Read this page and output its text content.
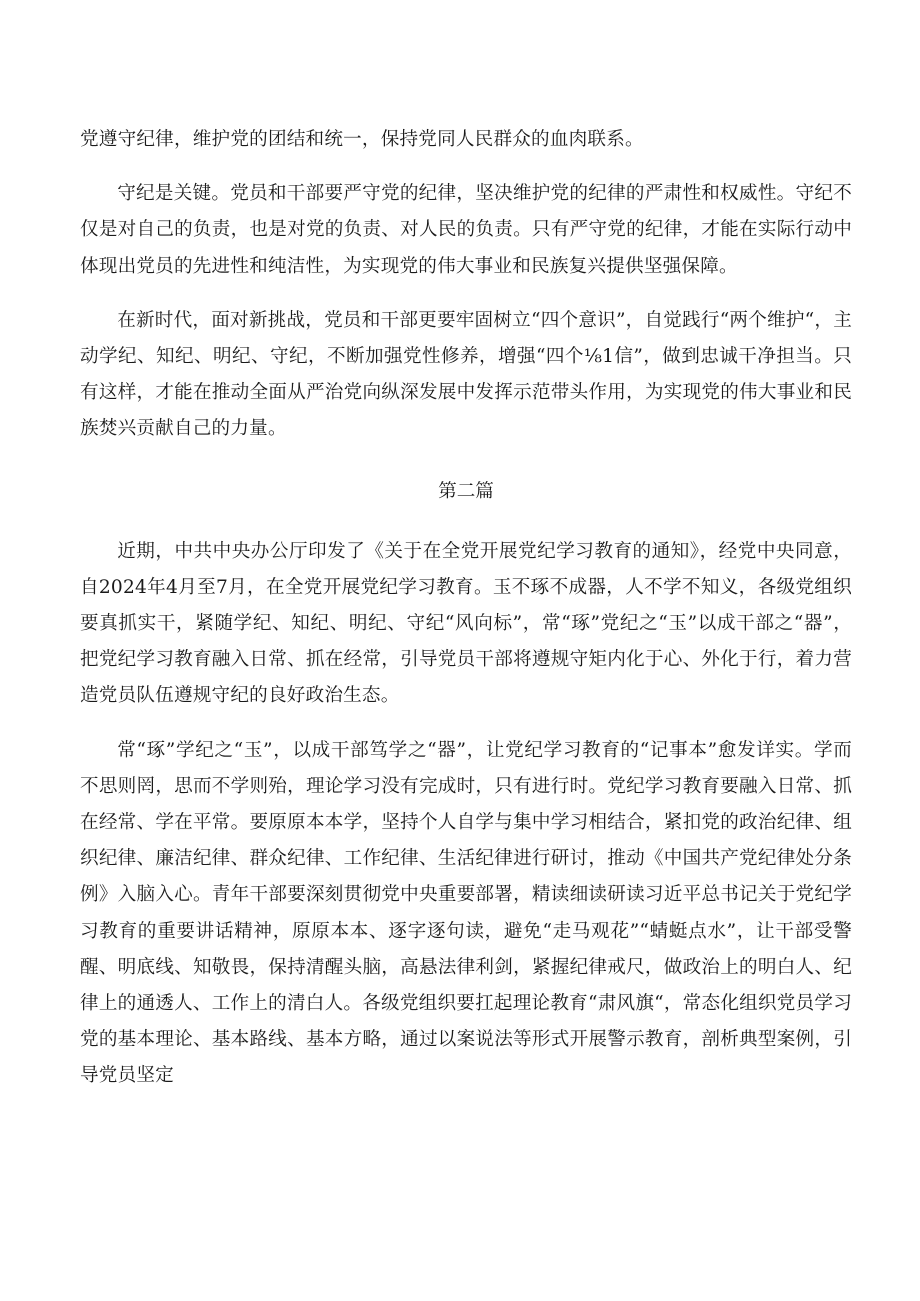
党遵守纪律，维护党的团结和统一，保持党同人民群众的血肉联系。

守纪是关键。党员和干部要严守党的纪律，坚决维护党的纪律的严肃性和权威性。守纪不仅是对自己的负责，也是对党的负责、对人民的负责。只有严守党的纪律，才能在实际行动中体现出党员的先进性和纯洁性，为实现党的伟大事业和民族复兴提供坚强保障。

在新时代，面对新挑战，党员和干部更要牢固树立“四个意识”，自觉践行“两个维护“，主动学纪、知纪、明纪、守纪，不断加强党性修养，增强“四个⅛1信”，做到忠诚干净担当。只有这样，才能在推动全面从严治党向纵深发展中发挥示范带头作用，为实现党的伟大事业和民族焚兴贡献自己的力量。

第二篇

近期，中共中央办公厅印发了《关于在全党开展党纪学习教育的通知》，经党中央同意，自2024年4月至7月，在全党开展党纪学习教育。玉不琢不成器，人不学不知义，各级党组织要真抓实干，紧随学纪、知纪、明纪、守纪“风向标”，常“琢”党纪之“玉”以成干部之“器”，把党纪学习教育融入日常、抓在经常，引导党员干部将遵规守矩内化于心、外化于行，着力营造党员队伍遵规守纪的良好政治生态。

常“琢”学纪之“玉”，以成干部笃学之“器”，让党纪学习教育的“记事本”愈发详实。学而不思则罔，思而不学则殆，理论学习没有完成时，只有进行时。党纪学习教育要融入日常、抓在经常、学在平常。要原原本本学，坚持个人自学与集中学习相结合，紧扣党的政治纪律、组织纪律、廉洁纪律、群众纪律、工作纪律、生活纪律进行研讨，推动《中国共产党纪律处分条例》入脑入心。青年干部要深刻贯彻党中央重要部署，精读细读研读习近平总书记关于党纪学习教育的重要讲话精神，原原本本、逐字逐句读，避免“走马观花”“蜻蜓点水”，让干部受警醒、明底线、知敬畏，保持清醒头脑，高悬法律利剑，紧握纪律戒尺，做政治上的明白人、纪律上的通透人、工作上的清白人。各级党组织要扛起理论教育“肃风旗“，常态化组织党员学习党的基本理论、基本路线、基本方略，通过以案说法等形式开展警示教育，剖析典型案例，引导党员坚定
